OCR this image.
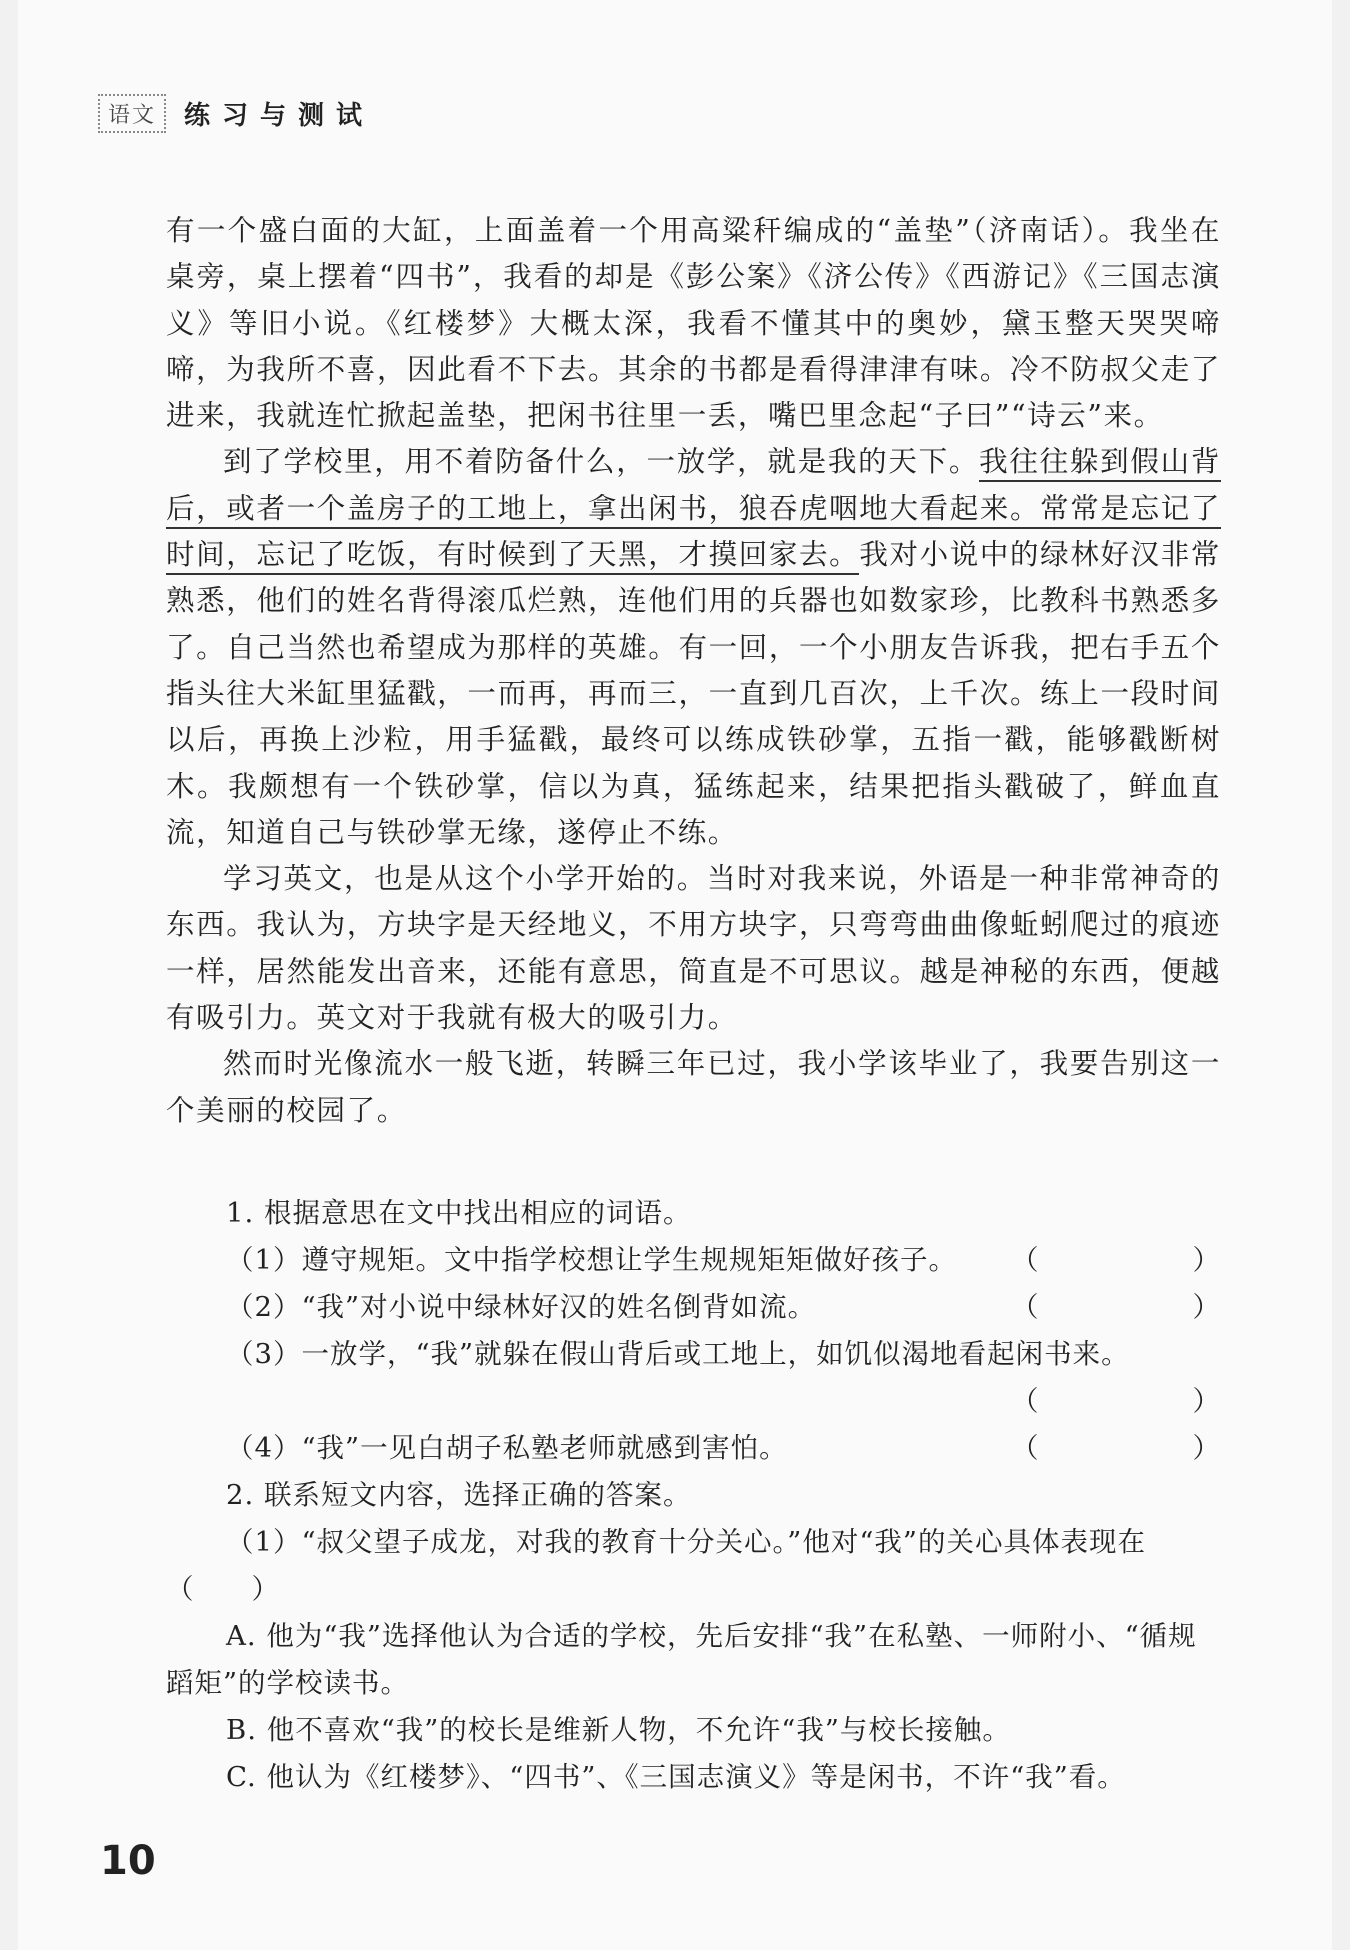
语文	练习与测试

有一个盛白面的大缸，上面盖着一个用高粱秆编成的“盖垫”（济南话）。我坐在桌旁，桌上摆着“四书”，我看的却是《彭公案》《济公传》《西游记》《三国志演义》等旧小说。《红楼梦》大概太深，我看不懂其中的奥妙，黛玉整天哭哭啼啼，为我所不喜，因此看不下去。其余的书都是看得津津有味。冷不防叔父走了进来，我就连忙掀起盖垫，把闲书往里一丢，嘴巴里念起“子曰”“诗云”来。

到了学校里，用不着防备什么，一放学，就是我的天下。我往往躲到假山背后，或者一个盖房子的工地上，拿出闲书，狼吞虎咽地大看起来。常常是忘记了时间，忘记了吃饭，有时候到了天黑，才摸回家去。我对小说中的绿林好汉非常熟悉，他们的姓名背得滚瓜烂熟，连他们用的兵器也如数家珍，比教科书熟悉多了。自己当然也希望成为那样的英雄。有一回，一个小朋友告诉我，把右手五个指头往大米缸里猛戳，一而再，再而三，一直到几百次，上千次。练上一段时间以后，再换上沙粒，用手猛戳，最终可以练成铁砂掌，五指一戳，能够戳断树木。我颇想有一个铁砂掌，信以为真，猛练起来，结果把指头戳破了，鲜血直流，知道自己与铁砂掌无缘，遂停止不练。

学习英文，也是从这个小学开始的。当时对我来说，外语是一种非常神奇的东西。我认为，方块字是天经地义，不用方块字，只弯弯曲曲像蚯蚓爬过的痕迹一样，居然能发出音来，还能有意思，简直是不可思议。越是神秘的东西，便越有吸引力。英文对于我就有极大的吸引力。

然而时光像流水一般飞逝，转瞬三年已过，我小学该毕业了，我要告别这一个美丽的校园了。

1. 根据意思在文中找出相应的词语。
（1）遵守规矩。文中指学校想让学生规规矩矩做好孩子。 （	）
（2）“我”对小说中绿林好汉的姓名倒背如流。	（	）
（3）一放学，“我”就躲在假山背后或工地上，如饥似渴地看起闲书来。
（	）
（4）“我”一见白胡子私塾老师就感到害怕。	（	）
2. 联系短文内容，选择正确的答案。
（1）“叔父望子成龙，对我的教育十分关心。”他对“我”的关心具体表现在
（　　）
A. 他为“我”选择他认为合适的学校，先后安排“我”在私塾、一师附小、“循规蹈矩”的学校读书。
B. 他不喜欢“我”的校长是维新人物，不允许“我”与校长接触。
C. 他认为《红楼梦》、“四书”、《三国志演义》等是闲书，不许“我”看。
10
